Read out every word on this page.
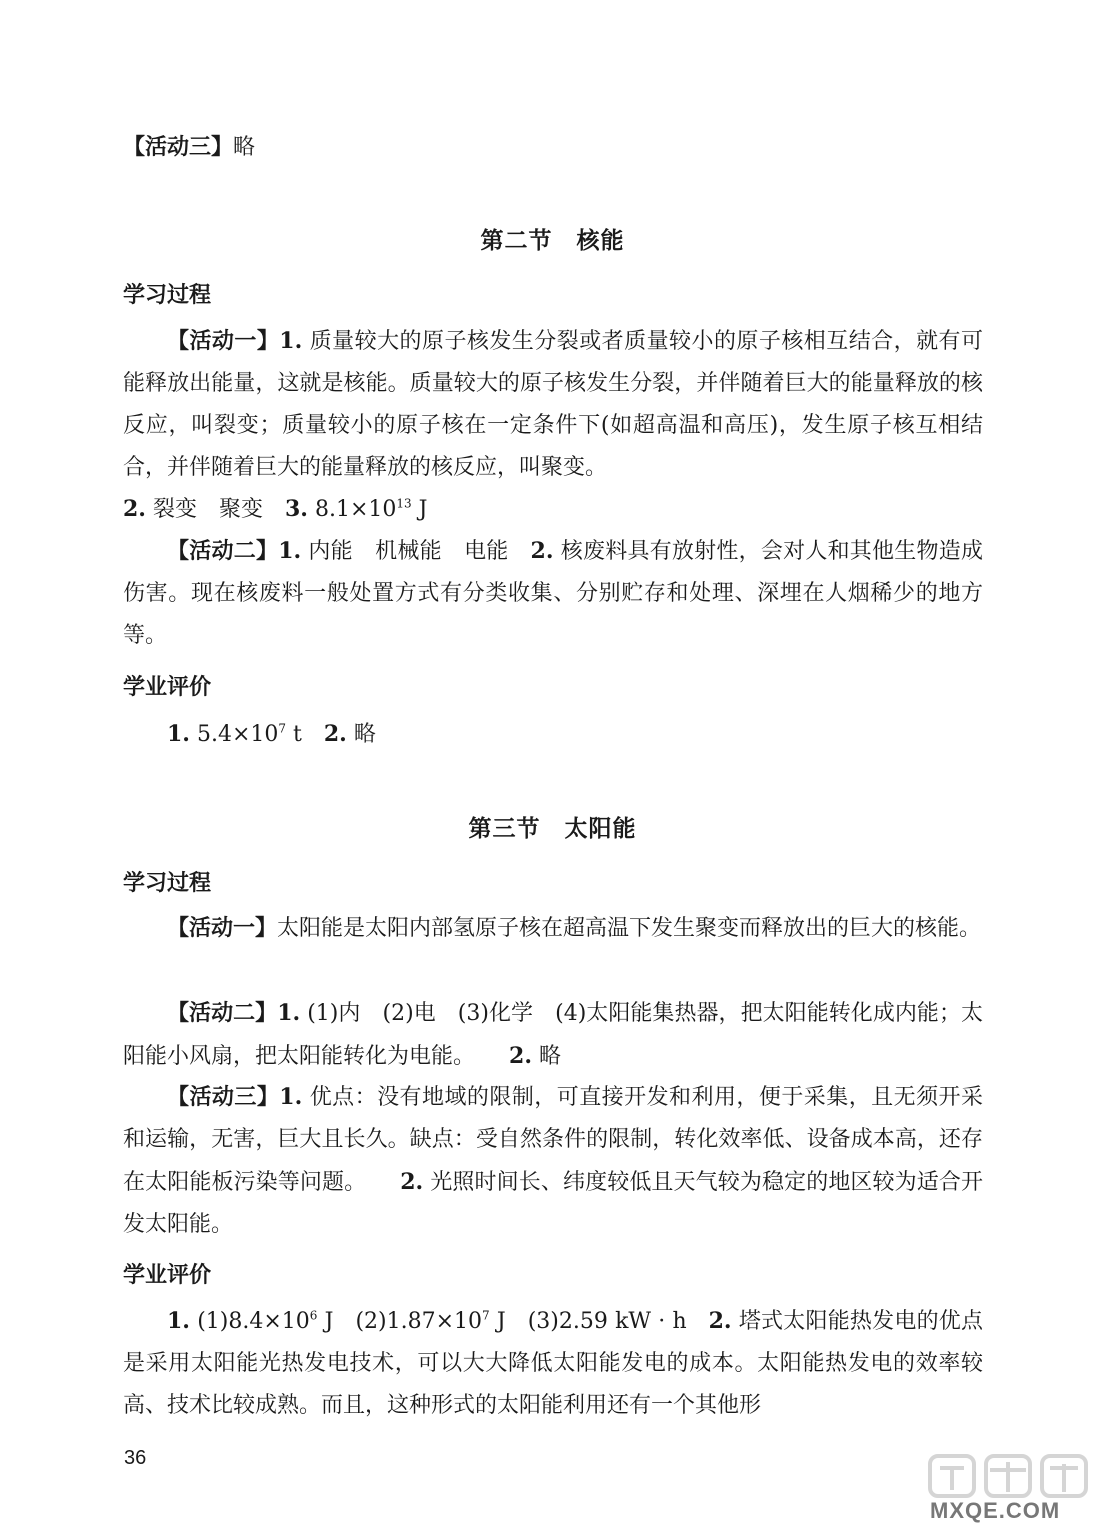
【活动三】略

第二节　核能

学习过程

【活动一】1. 质量较大的原子核发生分裂或者质量较小的原子核相互结合，就有可能释放出能量，这就是核能。质量较大的原子核发生分裂，并伴随着巨大的能量释放的核反应，叫裂变；质量较小的原子核在一定条件下(如超高温和高压)，发生原子核互相结合，并伴随着巨大的能量释放的核反应，叫聚变。

2. 裂变 聚变 3. $8.1\times 10^{13}$ J

【活动二】1. 内能 机械能 电能 2. 核废料具有放射性，会对人和其他生物造成伤害。现在核废料一般处置方式有分类收集、分别贮存和处理、深埋在人烟稀少的地方等。

学业评价

1. $5.4\times 10^7$ t 2. 略

第三节　太阳能

学习过程

【活动一】太阳能是太阳内部氢原子核在超高温下发生聚变而释放出的巨大的核能。

【活动二】1. (1)内　(2)电　(3)化学　(4)太阳能集热器，把太阳能转化成内能；太阳能小风扇，把太阳能转化为电能。 2. 略

【活动三】1. 优点：没有地域的限制，可直接开发和利用，便于采集，且无须开采和运输，无害，巨大且长久。缺点：受自然条件的限制，转化效率低、设备成本高，还存在太阳能板污染等问题。 2. 光照时间长、纬度较低且天气较为稳定的地区较为适合开发太阳能。

学业评价

1. $(1)8.4\times 10^6$ J $(2)1.87\times 10^7$ J (3)2.59 kW · h 2. 塔式太阳能热发电的优点是采用太阳能光热发电技术，可以大大降低太阳能发电的成本。太阳能热发电的效率较高、技术比较成熟。而且，这种形式的太阳能利用还有一个其他形

36
MXQE.COM
